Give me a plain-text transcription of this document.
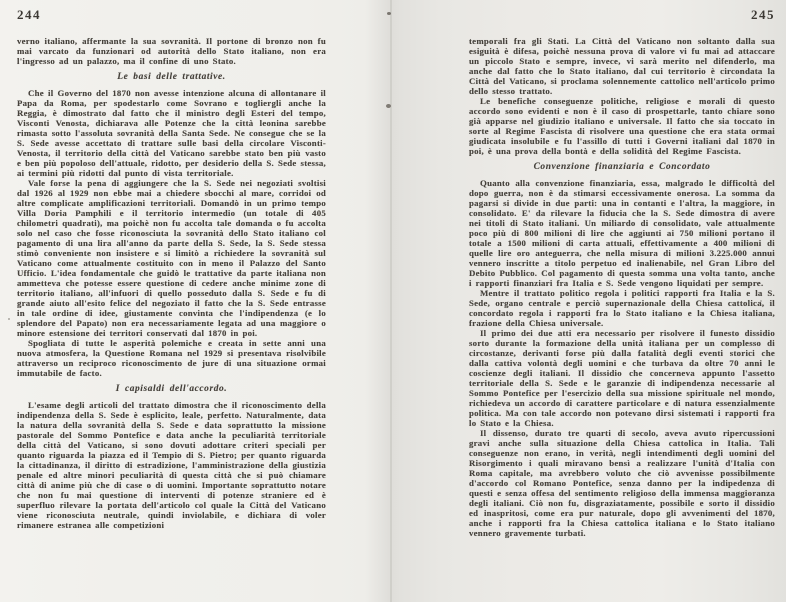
244

verno italiano, affermante la sua sovranità. Il portone di bronzo non fu mai varcato da funzionari od autorità dello Stato italiano, non era l'ingresso ad un palazzo, ma il confine di uno Stato.

Le basi delle trattative.

Che il Governo del 1870 non avesse intenzione alcuna di allontanare il Papa da Roma, per spodestarlo come Sovrano e togliergli anche la Reggia, è dimostrato dal fatto che il ministro degli Esteri del tempo, Visconti Venosta, dichiarava alle Potenze che la città leonina sarebbe rimasta sotto l'assoluta sovranità della Santa Sede. Ne consegue che se la S. Sede avesse accettato di trattare sulle basi della circolare Visconti-Venosta, il territorio della città del Vaticano sarebbe stato ben più vasto e ben più popoloso dell'attuale, ridotto, per desiderio della S. Sede stessa, ai termini più ridotti dal punto di vista territoriale.

Vale forse la pena di aggiungere che la S. Sede nei negoziati svoltisi dal 1926 al 1929 non ebbe mai a chiedere sbocchi al mare, corridoi od altre complicate amplificazioni territoriali. Domandò in un primo tempo Villa Doria Pamphili e il territorio intermedio (un totale di 405 chilometri quadrati), ma poichè non fu accolta tale domanda o fu accolta solo nel caso che fosse riconosciuta la sovranità dello Stato italiano col pagamento di una lira all'anno da parte della S. Sede, la S. Sede stessa stimò conveniente non insistere e si limitò a richiedere la sovranità sul Vaticano come attualmente costituito con in meno il Palazzo del Santo Ufficio. L'idea fondamentale che guidò le trattative da parte italiana non ammetteva che potesse essere questione di cedere anche minime zone di territorio italiano, all'infuori di quello posseduto dalla S. Sede e fu di grande aiuto all'esito felice del negoziato il fatto che la S. Sede entrasse in tale ordine di idee, giustamente convinta che l'indipendenza (e lo splendore del Papato) non era necessariamente legata ad una maggiore o minore estensione dei territori conservati dal 1870 in poi.

Spogliata di tutte le asperità polemiche e creata in sette anni una nuova atmosfera, la Questione Romana nel 1929 si presentava risolvibile attraverso un reciproco riconoscimento de jure di una situazione ormai immutabile de facto.

I capisaldi dell'accordo.

L'esame degli articoli del trattato dimostra che il riconoscimento della indipendenza della S. Sede è esplicito, leale, perfetto. Naturalmente, data la natura della sovranità della S. Sede e data soprattutto la missione pastorale del Sommo Pontefice e data anche la peculiarità territoriale della città del Vaticano, si sono dovuti adottare criteri speciali per quanto riguarda la piazza ed il Tempio di S. Pietro; per quanto riguarda la cittadinanza, il diritto di estradizione, l'amministrazione della giustizia penale ed altre minori peculiarità di questa città che si può chiamare città di anime più che di case o di uomini. Importante soprattutto notare che non fu mai questione di interventi di potenze straniere ed è superfluo rilevare la portata dell'articolo col quale la Città del Vaticano viene riconosciuta neutrale, quindi inviolabile, e dichiara di voler rimanere estranea alle competizioni

245

temporali fra gli Stati. La Città del Vaticano non soltanto dalla sua esiguità è difesa, poichè nessuna prova di valore vi fu mai ad attaccare un piccolo Stato e sempre, invece, vi sarà merito nel difenderlo, ma anche dal fatto che lo Stato italiano, dal cui territorio è circondata la Città del Vaticano, si proclama solennemente cattolico nell'articolo primo dello stesso trattato.

Le benefiche conseguenze politiche, religiose e morali di questo accordo sono evidenti e non è il caso di prospettarle, tanto chiare sono già apparse nel giudizio italiano e universale. Il fatto che sia toccato in sorte al Regime Fascista di risolvere una questione che era stata ormai giudicata insolubile e fu l'assillo di tutti i Governi italiani dal 1870 in poi, è una prova della bontà e della solidità del Regime Fascista.

Convenzione finanziaria e Concordato

Quanto alla convenzione finanziaria, essa, malgrado le difficoltà del dopo guerra, non è da stimarsi eccessivamente onerosa. La somma da pagarsi si divide in due parti: una in contanti e l'altra, la maggiore, in consolidato. E' da rilevare la fiducia che la S. Sede dimostra di avere nei titoli di Stato italiani. Un miliardo di consolidato, vale attualmente poco più di 800 milioni di lire che aggiunti ai 750 milioni portano il totale a 1500 milioni di carta attuali, effettivamente a 400 milioni di quelle lire oro anteguerra, che nella misura di milioni 3.225.000 annui vennero inscritte a titolo perpetuo ed inalienabile, nel Gran Libro del Debito Pubblico. Col pagamento di questa somma una volta tanto, anche i rapporti finanziari fra Italia e S. Sede vengono liquidati per sempre.

Mentre il trattato politico regola i politici rapporti fra Italia e la S. Sede, organo centrale e perciò supernazionale della Chiesa cattolica, il concordato regola i rapporti fra lo Stato italiano e la Chiesa italiana, frazione della Chiesa universale.

Il primo dei due atti era necessario per risolvere il funesto dissidio sorto durante la formazione della unità italiana per un complesso di circostanze, derivanti forse più dalla fatalità degli eventi storici che dalla cattiva volontà degli uomini e che turbava da oltre 70 anni le coscienze degli italiani. Il dissidio che concerneva appunto l'assetto territoriale della S. Sede e le garanzie di indipendenza necessarie al Sommo Pontefice per l'esercizio della sua missione spirituale nel mondo, richiedeva un accordo di carattere particolare e di natura essenzialmente politica. Ma con tale accordo non potevano dirsi sistemati i rapporti fra lo Stato e la Chiesa.

Il dissenso, durato tre quarti di secolo, aveva avuto ripercussioni gravi anche sulla situazione della Chiesa cattolica in Italia. Tali conseguenze non erano, in verità, negli intendimenti degli uomini del Risorgimento i quali miravano bensì a realizzare l'unità d'Italia con Roma capitale, ma avrebbero voluto che ciò avvenisse possibilmente d'accordo col Romano Pontefice, senza danno per la indipedenza di questi e senza offesa del sentimento religioso della immensa maggioranza degli italiani. Ciò non fu, disgraziatamente, possibile e sorto il dissidio ed inaspritosi, come era pur naturale, dopo gli avvenimenti del 1870, anche i rapporti fra la Chiesa cattolica italiana e lo Stato italiano vennero gravemente turbati.
